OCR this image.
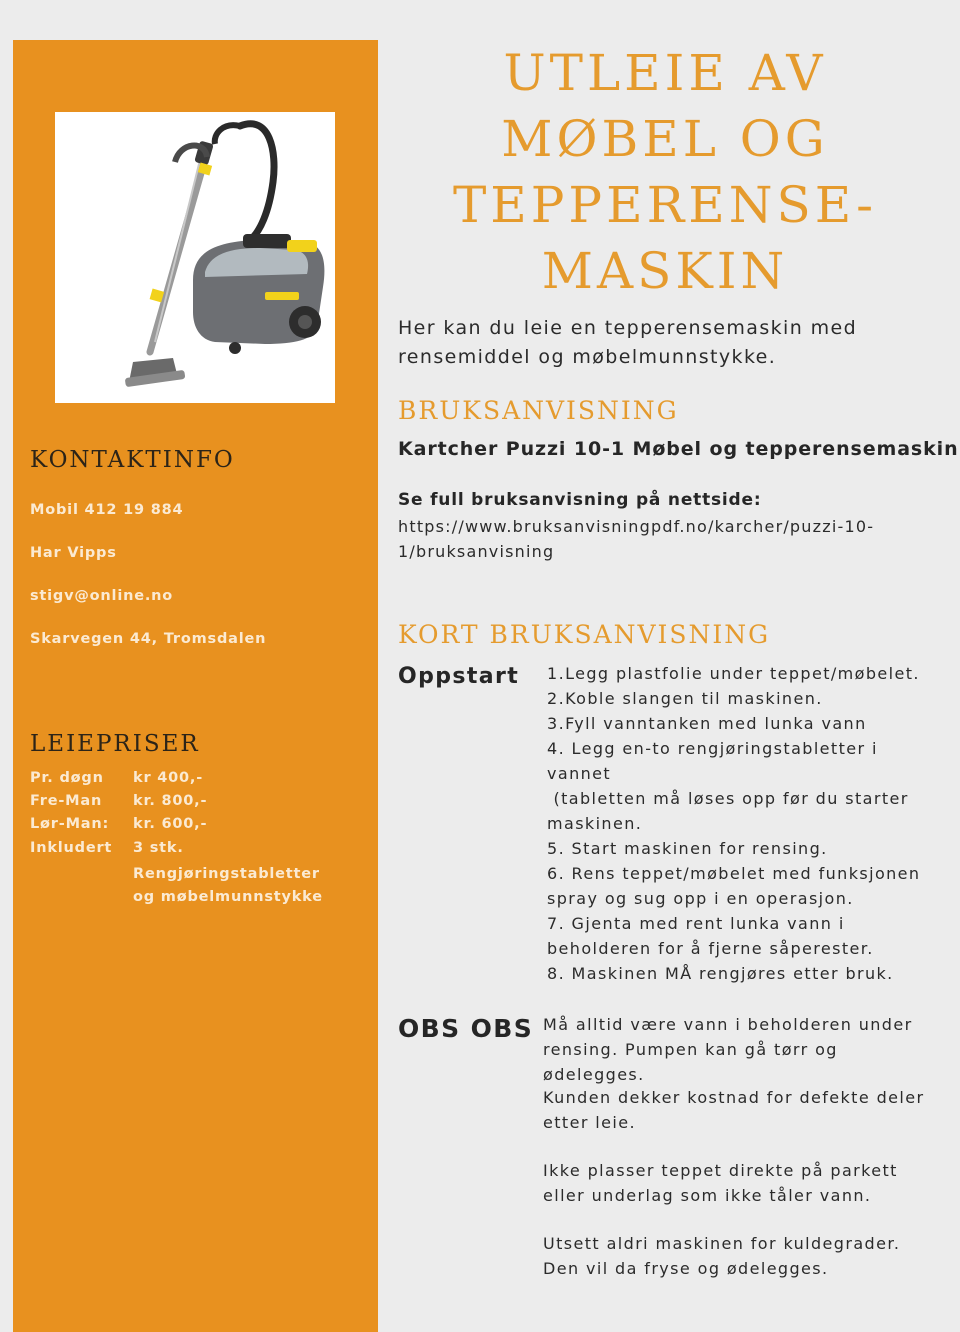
KONTAKTINFO
Mobil 412 19 884
Har Vipps
stigv@online.no
Skarvegen 44, Tromsdalen
LEIEPRISER
Pr. døgn	kr 400,-
Fre-Man	kr. 800,-
Lør-Man:	kr. 600,-
Inkludert	3 stk.
Rengjøringstabletter
og møbelmunnstykke
UTLEIE AV
MØBEL OG
TEPPERENSE-
MASKIN
Her kan du leie en tepperensemaskin med
rensemiddel og møbelmunnstykke.
BRUKSANVISNING
Kartcher Puzzi 10-1 Møbel og tepperensemaskin
Se full bruksanvisning på nettside:
https://www.bruksanvisningpdf.no/karcher/puzzi-10-
1/bruksanvisning
KORT BRUKSANVISNING
Oppstart 1.Legg plastfolie under teppet/møbelet.
2.Koble slangen til maskinen.
3.Fyll vanntanken med lunka vann
4. Legg en-to rengjøringstabletter i vannet
(tabletten må løses opp før du starter
maskinen.
5. Start maskinen for rensing.
6. Rens teppet/møbelet med funksjonen
spray og sug opp i en operasjon.
7. Gjenta med rent lunka vann i
beholderen for å fjerne såperester.
8. Maskinen MÅ rengjøres etter bruk.
OBS OBS Må alltid være vann i beholderen under
rensing. Pumpen kan gå tørr og ødelegges.
Kunden dekker kostnad for defekte deler
etter leie.
Ikke plasser teppet direkte på parkett
eller underlag som ikke tåler vann.
Utsett aldri maskinen for kuldegrader.
Den vil da fryse og ødelegges.
